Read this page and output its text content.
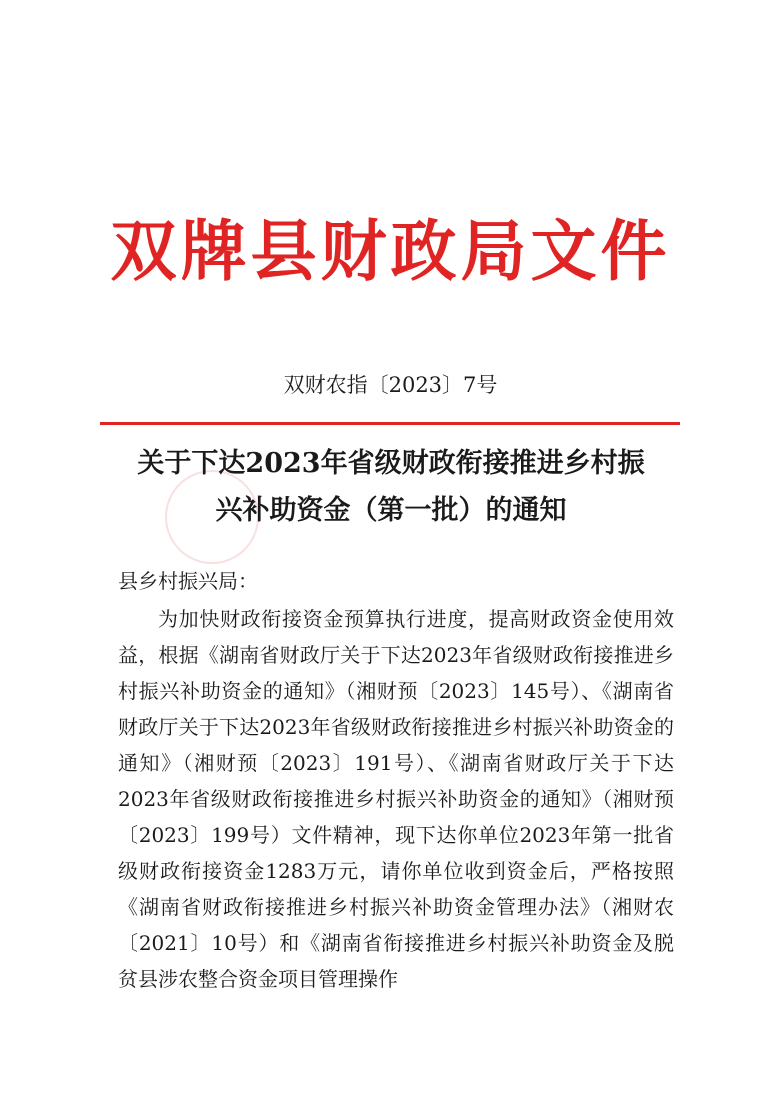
双牌县财政局文件
双财农指〔2023〕7号
关于下达2023年省级财政衔接推进乡村振
兴补助资金（第一批）的通知
县乡村振兴局：
为加快财政衔接资金预算执行进度，提高财政资金使用效益，根据《湖南省财政厅关于下达2023年省级财政衔接推进乡村振兴补助资金的通知》（湘财预〔2023〕145号）、《湖南省财政厅关于下达2023年省级财政衔接推进乡村振兴补助资金的通知》（湘财预〔2023〕191号）、《湖南省财政厅关于下达2023年省级财政衔接推进乡村振兴补助资金的通知》（湘财预〔2023〕199号）文件精神，现下达你单位2023年第一批省级财政衔接资金1283万元，请你单位收到资金后，严格按照《湖南省财政衔接推进乡村振兴补助资金管理办法》（湘财农〔2021〕10号）和《湖南省衔接推进乡村振兴补助资金及脱贫县涉农整合资金项目管理操作
